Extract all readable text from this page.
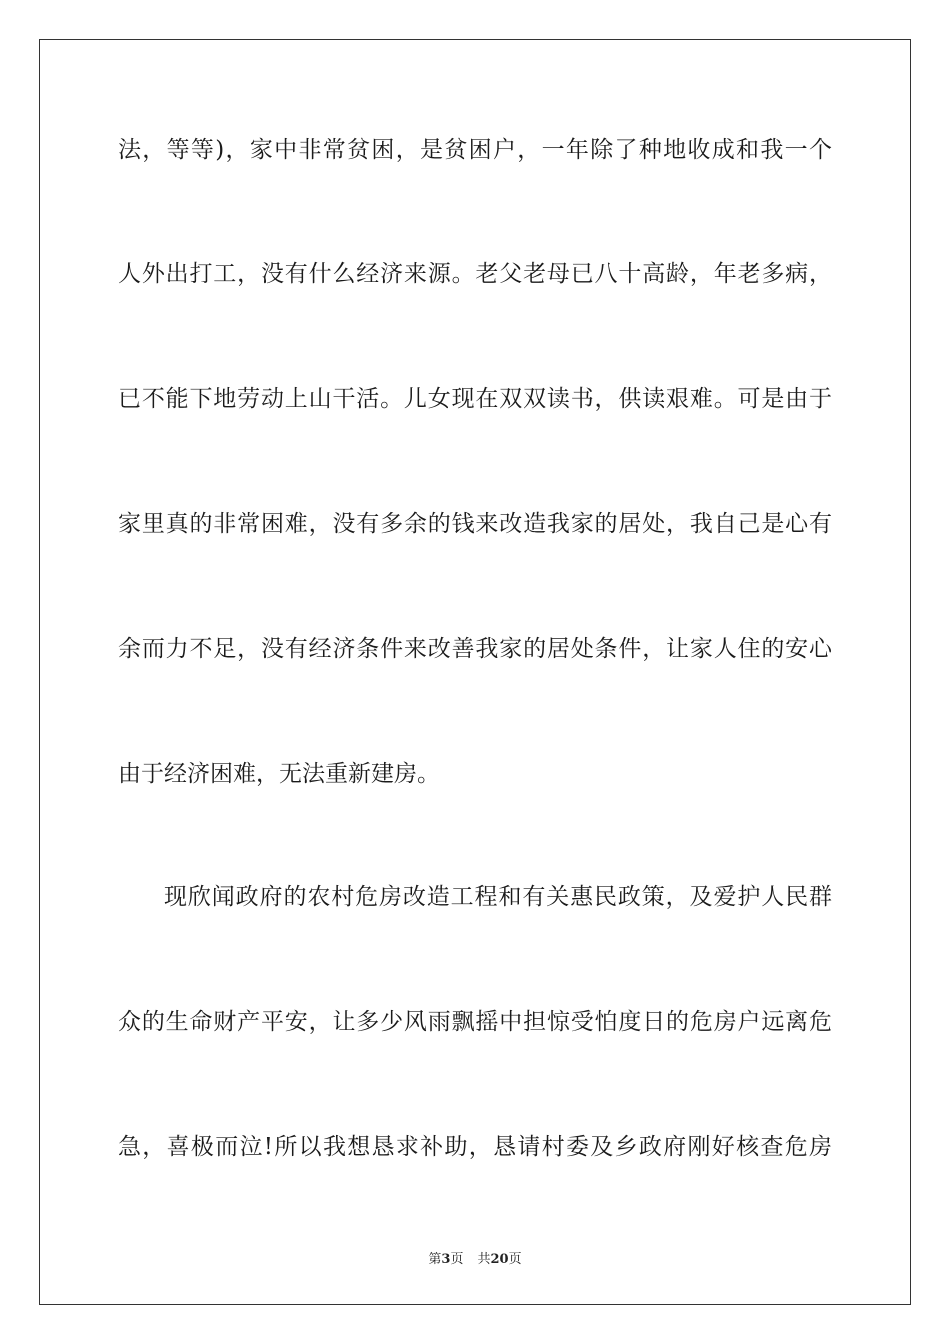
法，等等)，家中非常贫困，是贫困户，一年除了种地收成和我一个
人外出打工，没有什么经济来源。老父老母已八十高龄，年老多病，
已不能下地劳动上山干活。儿女现在双双读书，供读艰难。可是由于
家里真的非常困难，没有多余的钱来改造我家的居处，我自己是心有
余而力不足，没有经济条件来改善我家的居处条件，让家人住的安心
由于经济困难，无法重新建房。
现欣闻政府的农村危房改造工程和有关惠民政策，及爱护人民群
众的生命财产平安，让多少风雨飘摇中担惊受怕度日的危房户远离危
急，喜极而泣!所以我想恳求补助，恳请村委及乡政府刚好核查危房
第3页 共20页
